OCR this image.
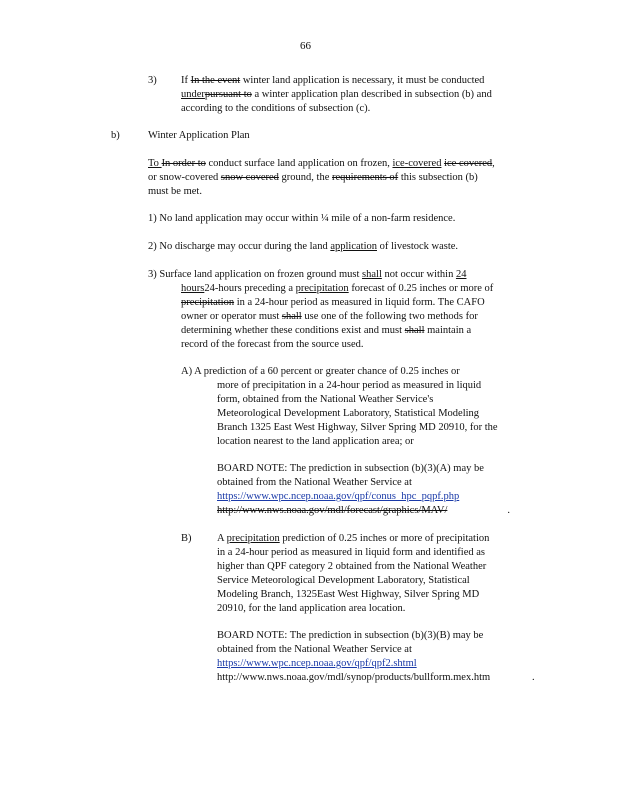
66
3) If In the event winter land application is necessary, it must be conducted
underpursuant to a winter application plan described in subsection (b) and
according to the conditions of subsection (c).
b)	Winter Application Plan
To In order to conduct surface land application on frozen, ice-covered ice covered,
or snow-covered snow covered ground, the requirements of this subsection (b)
must be met.
1) No land application may occur within ¼ mile of a non-farm residence.
2) No discharge may occur during the land application of livestock waste.
3) Surface land application on frozen ground must shall not occur within 24
hours24-hours preceding a precipitation forecast of 0.25 inches or more of
precipitation in a 24-hour period as measured in liquid form. The CAFO
owner or operator must shall use one of the following two methods for
determining whether these conditions exist and must shall maintain a
record of the forecast from the source used.
A) A prediction of a 60 percent or greater chance of 0.25 inches or
more of precipitation in a 24-hour period as measured in liquid
form, obtained from the National Weather Service's
Meteorological Development Laboratory, Statistical Modeling
Branch 1325 East West Highway, Silver Spring MD 20910, for the
location nearest to the land application area; or
BOARD NOTE: The prediction in subsection (b)(3)(A) may be
obtained from the National Weather Service at
https://www.wpc.ncep.noaa.gov/qpf/conus_hpc_pqpf.php
http://www.nws.noaa.gov/mdl/forecast/graphics/MAV/	.
B) A precipitation prediction of 0.25 inches or more of precipitation
in a 24-hour period as measured in liquid form and identified as
higher than QPF category 2 obtained from the National Weather
Service Meteorological Development Laboratory, Statistical
Modeling Branch, 1325East West Highway, Silver Spring MD
20910, for the land application area location.
BOARD NOTE: The prediction in subsection (b)(3)(B) may be
obtained from the National Weather Service at
https://www.wpc.ncep.noaa.gov/qpf/qpf2.shtml
http://www.nws.noaa.gov/mdl/synop/products/bullform.mex.htm	.
